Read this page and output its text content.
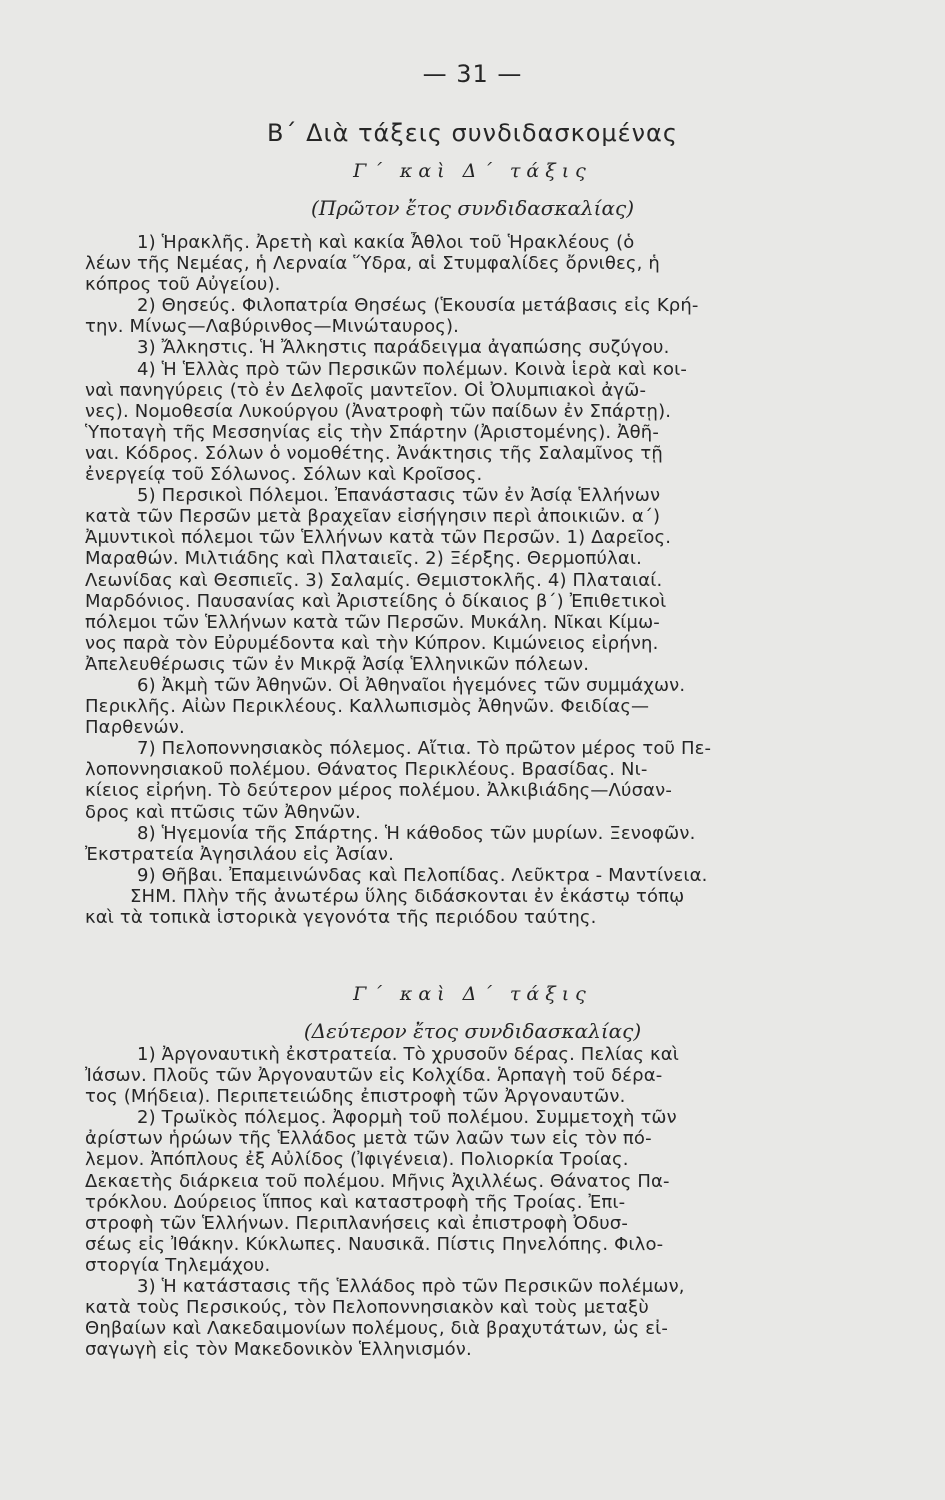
— 31 —
Β΄ Διὰ τάξεις συνδιδασκομένας
Γ΄ καὶ Δ΄ τάξις
(Πρῶτον ἔτος συνδιδασκαλίας)
1) Ἡρακλῆς. Ἀρετὴ καὶ κακία Ἆθλοι τοῦ Ἡρακλέους (ὁ
λέων τῆς Νεμέας, ἡ Λερναία Ὕδρα, αἱ Στυμφαλίδες ὄρνιθες, ἡ
κόπρος τοῦ Αὐγείου).
2) Θησεύς. Φιλοπατρία Θησέως (Ἑκουσία μετάβασις εἰς Κρή-
την. Μίνως—Λαβύρινθος—Μινώταυρος).
3) Ἄλκηστις. Ἡ Ἄλκηστις παράδειγμα ἀγαπώσης συζύγου.
4) Ἡ Ἑλλὰς πρὸ τῶν Περσικῶν πολέμων. Κοινὰ ἱερὰ καὶ κοι-
ναὶ πανηγύρεις (τὸ ἐν Δελφοῖς μαντεῖον. Οἱ Ὀλυμπιακοὶ ἀγῶ-
νες). Νομοθεσία Λυκούργου (Ἀνατροφὴ τῶν παίδων ἐν Σπάρτῃ).
Ὑποταγὴ τῆς Μεσσηνίας εἰς τὴν Σπάρτην (Ἀριστομένης). Ἀθῆ-
ναι. Κόδρος. Σόλων ὁ νομοθέτης. Ἀνάκτησις τῆς Σαλαμῖνος τῇ
ἐνεργείᾳ τοῦ Σόλωνος. Σόλων καὶ Κροῖσος.
5) Περσικοὶ Πόλεμοι. Ἐπανάστασις τῶν ἐν Ἀσίᾳ Ἑλλήνων
κατὰ τῶν Περσῶν μετὰ βραχεῖαν εἰσήγησιν περὶ ἀποικιῶν. α΄)
Ἀμυντικοὶ πόλεμοι τῶν Ἑλλήνων κατὰ τῶν Περσῶν. 1) Δαρεῖος.
Μαραθών. Μιλτιάδης καὶ Πλαταιεῖς. 2) Ξέρξης. Θερμοπύλαι.
Λεωνίδας καὶ Θεσπιεῖς. 3) Σαλαμίς. Θεμιστοκλῆς. 4) Πλαταιαί.
Μαρδόνιος. Παυσανίας καὶ Ἀριστείδης ὁ δίκαιος β΄) Ἐπιθετικοὶ
πόλεμοι τῶν Ἑλλήνων κατὰ τῶν Περσῶν. Μυκάλη. Νῖκαι Κίμω-
νος παρὰ τὸν Εὐρυμέδοντα καὶ τὴν Κύπρον. Κιμώνειος εἰρήνη.
Ἀπελευθέρωσις τῶν ἐν Μικρᾷ Ἀσίᾳ Ἑλληνικῶν πόλεων.
6) Ἀκμὴ τῶν Ἀθηνῶν. Οἱ Ἀθηναῖοι ἡγεμόνες τῶν συμμάχων.
Περικλῆς. Αἰὼν Περικλέους. Καλλωπισμὸς Ἀθηνῶν. Φειδίας—
Παρθενών.
7) Πελοποννησιακὸς πόλεμος. Αἴτια. Τὸ πρῶτον μέρος τοῦ Πε-
λοποννησιακοῦ πολέμου. Θάνατος Περικλέους. Βρασίδας. Νι-
κίειος εἰρήνη. Τὸ δεύτερον μέρος πολέμου. Ἀλκιβιάδης—Λύσαν-
δρος καὶ πτῶσις τῶν Ἀθηνῶν.
8) Ἡγεμονία τῆς Σπάρτης. Ἡ κάθοδος τῶν μυρίων. Ξενοφῶν.
Ἐκστρατεία Ἀγησιλάου εἰς Ἀσίαν.
9) Θῆβαι. Ἐπαμεινώνδας καὶ Πελοπίδας. Λεῦκτρα - Μαντίνεια.
ΣΗΜ. Πλὴν τῆς ἀνωτέρω ὕλης διδάσκονται ἐν ἑκάστῳ τόπῳ
καὶ τὰ τοπικὰ ἱστορικὰ γεγονότα τῆς περιόδου ταύτης.
Γ΄ καὶ Δ΄ τάξις
(Δεύτερον ἔτος συνδιδασκαλίας)
1) Ἀργοναυτικὴ ἐκστρατεία. Τὸ χρυσοῦν δέρας. Πελίας καὶ
Ἰάσων. Πλοῦς τῶν Ἀργοναυτῶν εἰς Κολχίδα. Ἁρπαγὴ τοῦ δέρα-
τος (Μήδεια). Περιπετειώδης ἐπιστροφὴ τῶν Ἀργοναυτῶν.
2) Τρωϊκὸς πόλεμος. Ἀφορμὴ τοῦ πολέμου. Συμμετοχὴ τῶν
ἀρίστων ἡρώων τῆς Ἑλλάδος μετὰ τῶν λαῶν των εἰς τὸν πό-
λεμον. Ἀπόπλους ἐξ Αὐλίδος (Ἰφιγένεια). Πολιορκία Τροίας.
Δεκαετὴς διάρκεια τοῦ πολέμου. Μῆνις Ἀχιλλέως. Θάνατος Πα-
τρόκλου. Δούρειος ἵππος καὶ καταστροφὴ τῆς Τροίας. Ἐπι-
στροφὴ τῶν Ἑλλήνων. Περιπλανήσεις καὶ ἐπιστροφὴ Ὀδυσ-
σέως εἰς Ἰθάκην. Κύκλωπες. Ναυσικᾶ. Πίστις Πηνελόπης. Φιλο-
στοργία Τηλεμάχου.
3) Ἡ κατάστασις τῆς Ἑλλάδος πρὸ τῶν Περσικῶν πολέμων,
κατὰ τοὺς Περσικούς, τὸν Πελοποννησιακὸν καὶ τοὺς μεταξὺ
Θηβαίων καὶ Λακεδαιμονίων πολέμους, διὰ βραχυτάτων, ὡς εἰ-
σαγωγὴ εἰς τὸν Μακεδονικὸν Ἑλληνισμόν.
